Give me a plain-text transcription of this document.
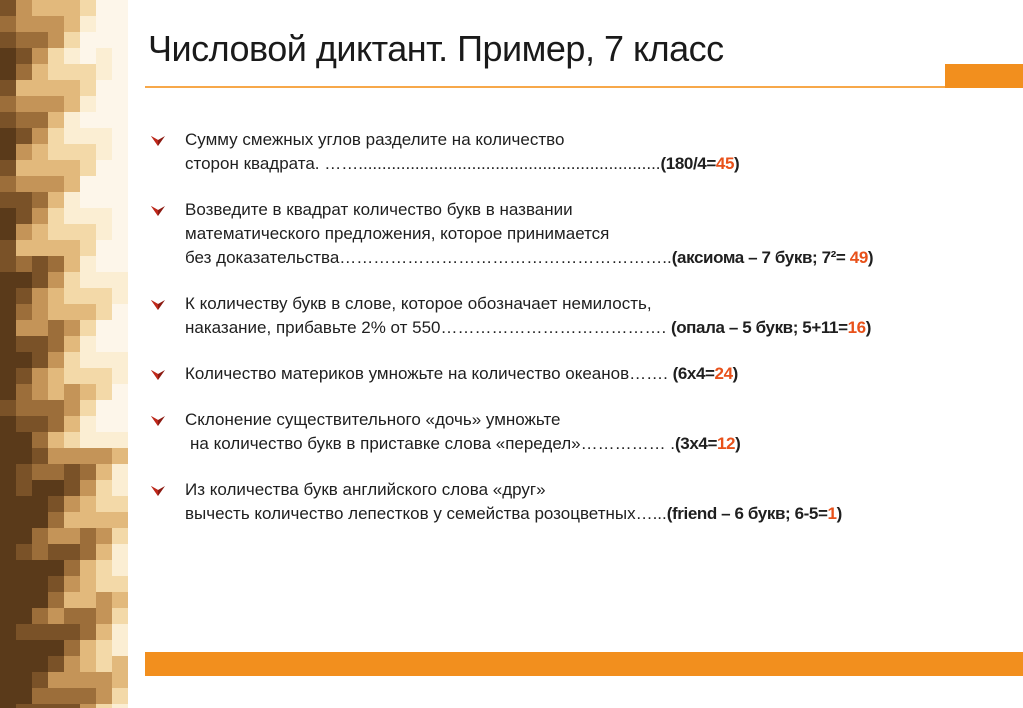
Числовой диктант. Пример, 7 класс
Сумму смежных углов разделите на количество
сторон квадрата. ……................................................................(180/4=45)
Возведите в квадрат количество букв в названии
математического предложения, которое принимается
без доказательства…………………………………………………..(аксиома – 7 букв; 7²= 49)
К количеству букв в слове, которое обозначает немилость,
наказание, прибавьте 2% от 550…………………………………. (опала – 5 букв; 5+11=16)
Количество материков умножьте на количество океанов……. (6х4=24)
Склонение существительного «дочь» умножьте
на количество букв в приставке слова «передел»…………… .(3х4=12)
Из количества букв английского слова «друг»
вычесть количество лепестков у семейства розоцветных…...(friend – 6 букв; 6-5=1)
